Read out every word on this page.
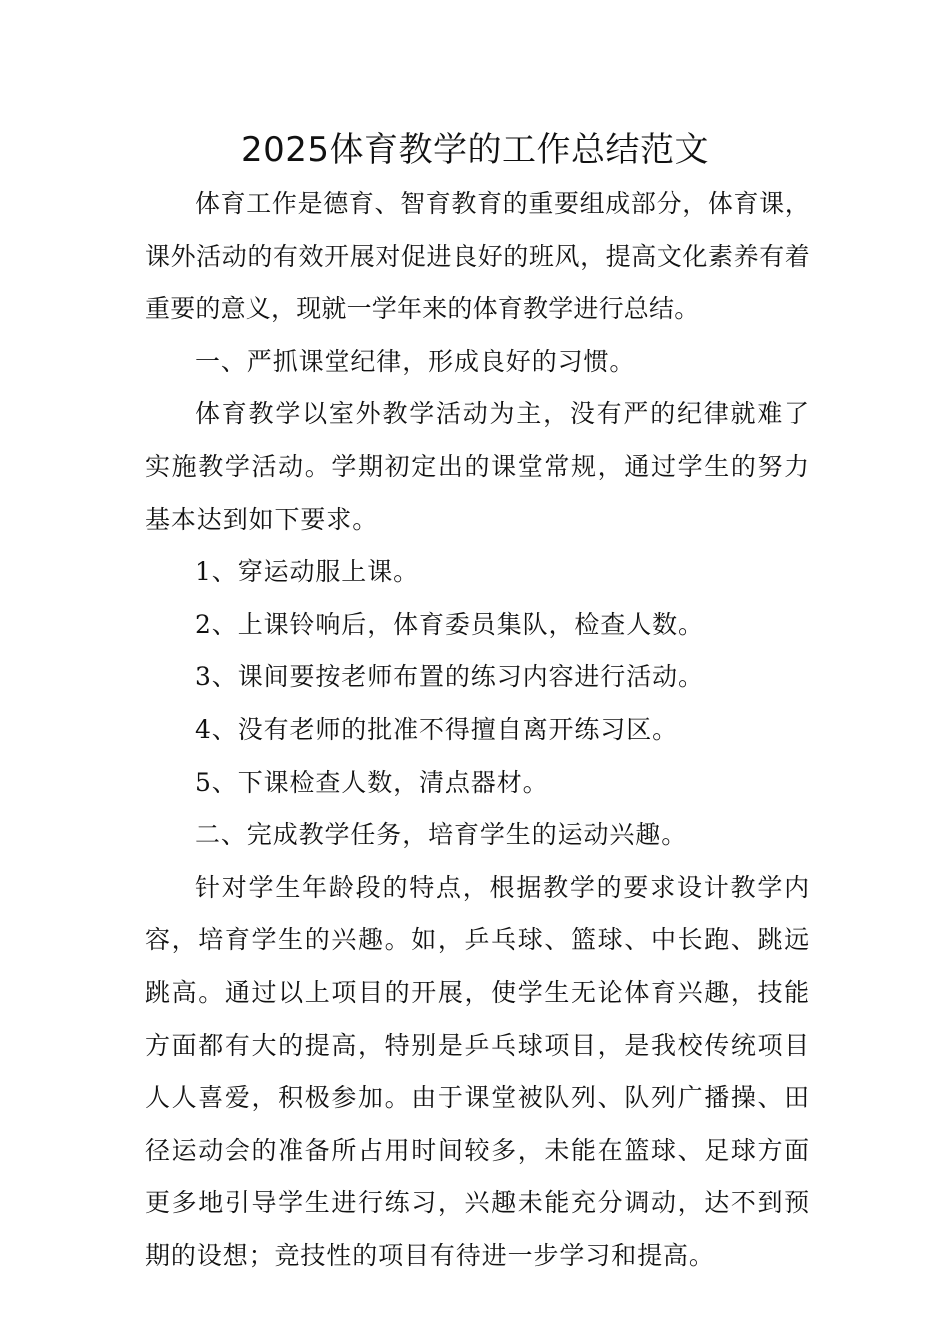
2025体育教学的工作总结范文

体育工作是德育、智育教育的重要组成部分，体育课，课外活动的有效开展对促进良好的班风，提高文化素养有着重要的意义，现就一学年来的体育教学进行总结。

一、严抓课堂纪律，形成良好的习惯。

体育教学以室外教学活动为主，没有严的纪律就难了实施教学活动。学期初定出的课堂常规，通过学生的努力基本达到如下要求。

1、穿运动服上课。

2、上课铃响后，体育委员集队，检查人数。

3、课间要按老师布置的练习内容进行活动。

4、没有老师的批准不得擅自离开练习区。

5、下课检查人数，清点器材。

二、完成教学任务，培育学生的运动兴趣。

针对学生年龄段的特点，根据教学的要求设计教学内容，培育学生的兴趣。如，乒乓球、篮球、中长跑、跳远跳高。通过以上项目的开展，使学生无论体育兴趣，技能方面都有大的提高，特别是乒乓球项目，是我校传统项目人人喜爱，积极参加。由于课堂被队列、队列广播操、田径运动会的准备所占用时间较多，未能在篮球、足球方面更多地引导学生进行练习，兴趣未能充分调动，达不到预期的设想；竞技性的项目有待进一步学习和提高。
